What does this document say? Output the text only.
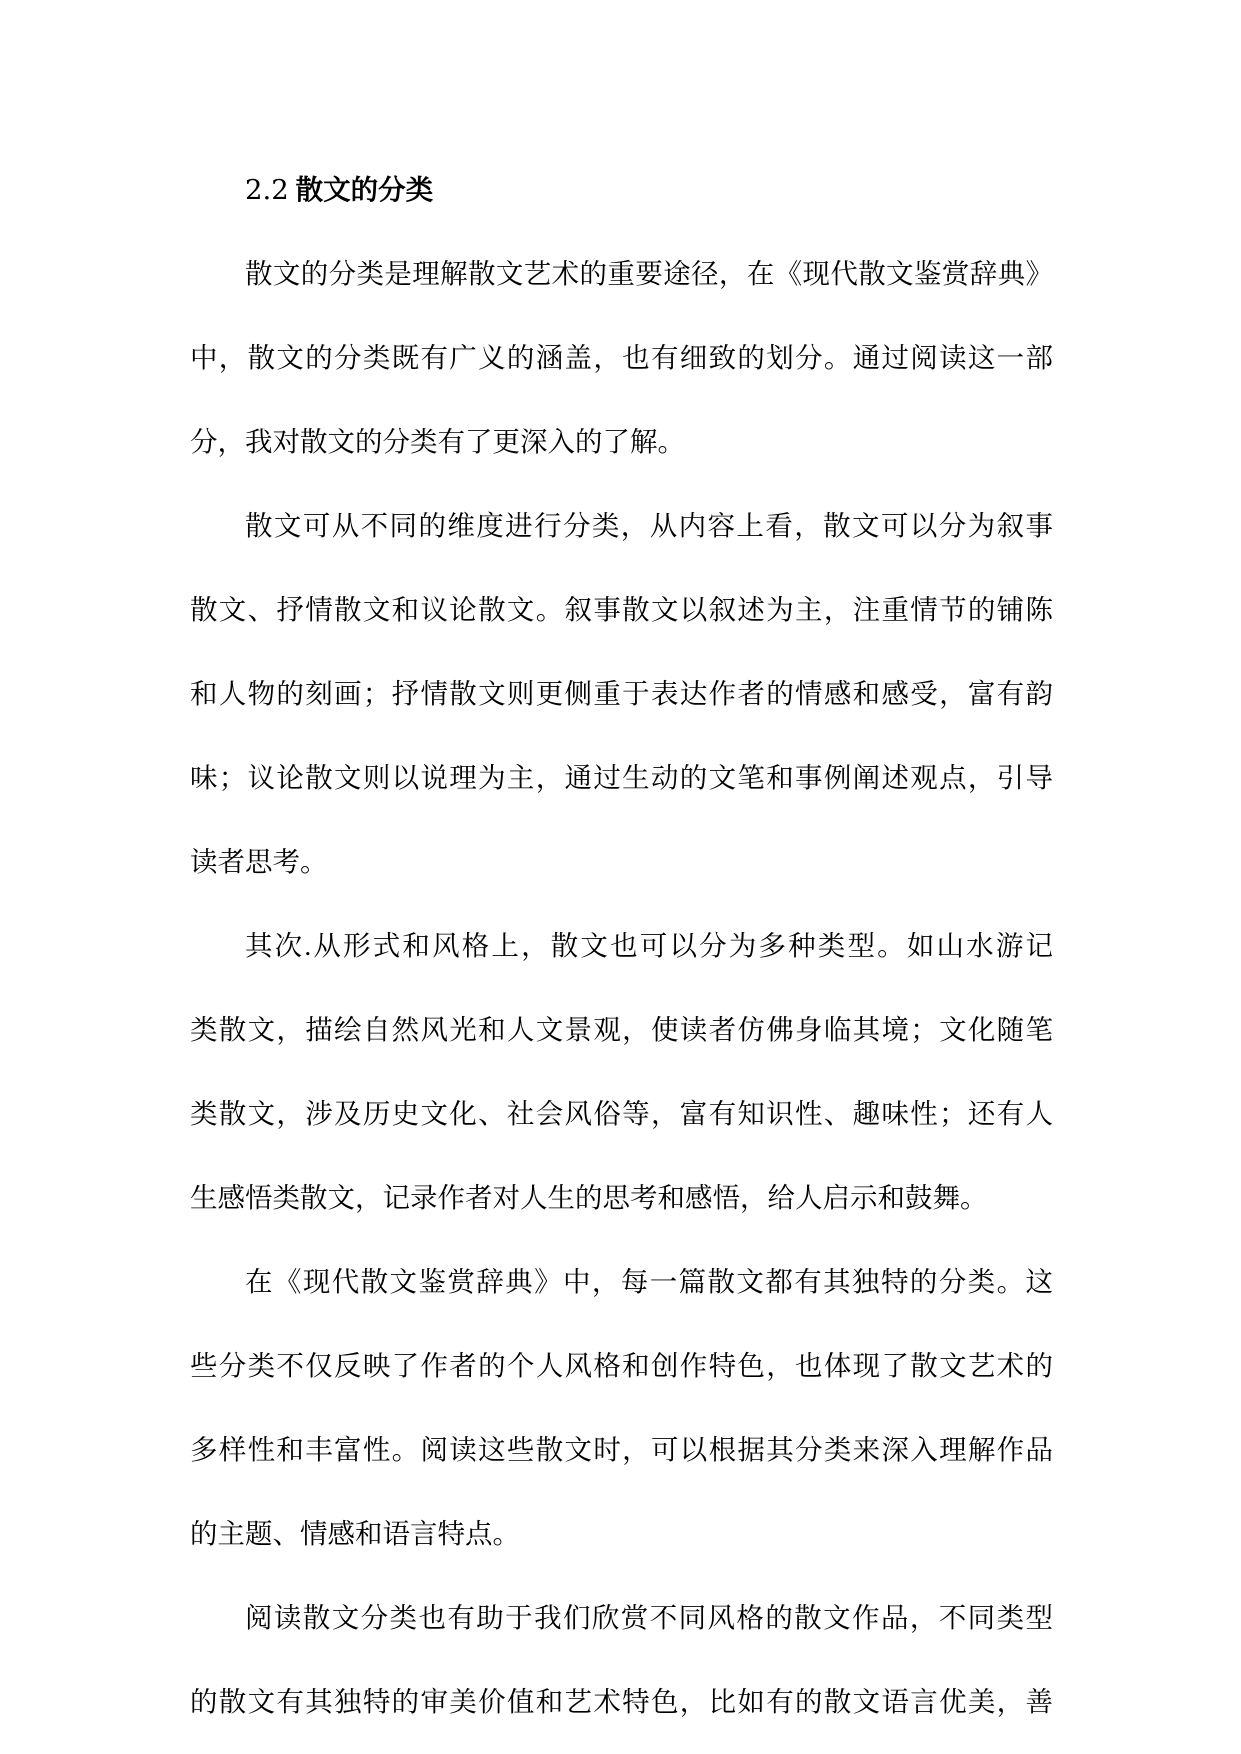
2.2 散文的分类
散文的分类是理解散文艺术的重要途径，在《现代散文鉴赏辞典》
中，散文的分类既有广义的涵盖，也有细致的划分。通过阅读这一部
分，我对散文的分类有了更深入的了解。
散文可从不同的维度进行分类，从内容上看，散文可以分为叙事
散文、抒情散文和议论散文。叙事散文以叙述为主，注重情节的铺陈
和人物的刻画；抒情散文则更侧重于表达作者的情感和感受，富有韵
味；议论散文则以说理为主，通过生动的文笔和事例阐述观点，引导
读者思考。
其次.从形式和风格上，散文也可以分为多种类型。如山水游记
类散文，描绘自然风光和人文景观，使读者仿佛身临其境；文化随笔
类散文，涉及历史文化、社会风俗等，富有知识性、趣味性；还有人
生感悟类散文，记录作者对人生的思考和感悟，给人启示和鼓舞。
在《现代散文鉴赏辞典》中，每一篇散文都有其独特的分类。这
些分类不仅反映了作者的个人风格和创作特色，也体现了散文艺术的
多样性和丰富性。阅读这些散文时，可以根据其分类来深入理解作品
的主题、情感和语言特点。
阅读散文分类也有助于我们欣赏不同风格的散文作品，不同类型
的散文有其独特的审美价值和艺术特色，比如有的散文语言优美，善
